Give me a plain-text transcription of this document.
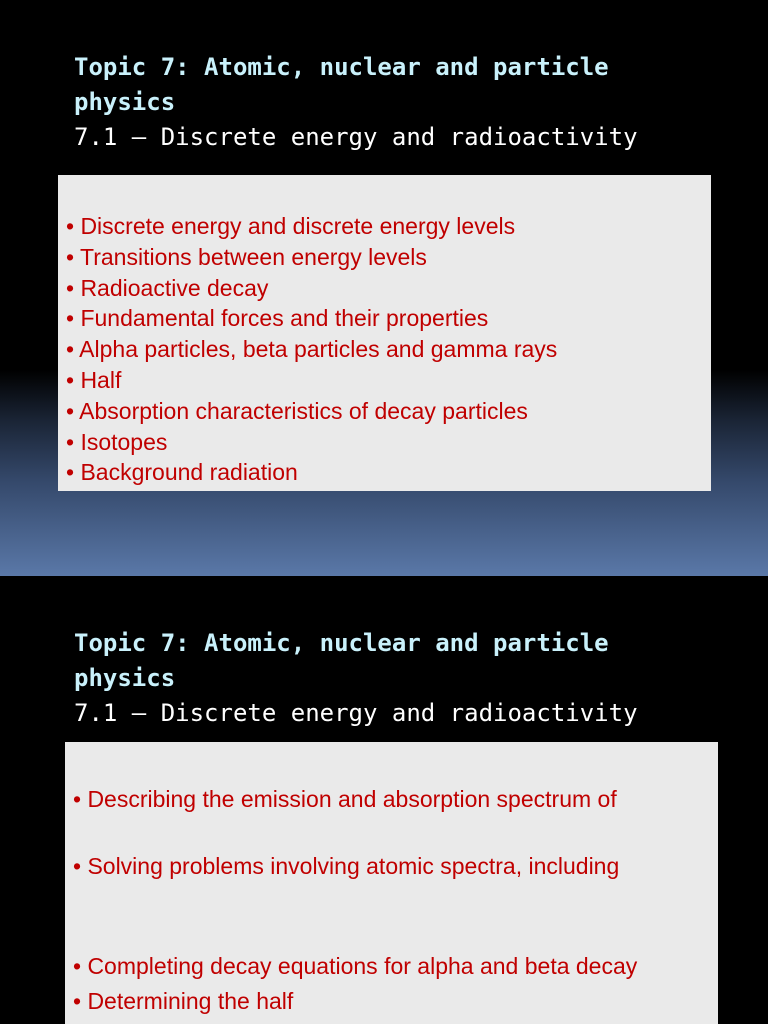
Topic 7: Atomic, nuclear and particle
physics
7.1 – Discrete energy and radioactivity
• Discrete energy and discrete energy levels
• Transitions between energy levels
• Radioactive decay
• Fundamental forces and their properties
• Alpha particles, beta particles and gamma rays
• Half
• Absorption characteristics of decay particles
• Isotopes
• Background radiation
Topic 7: Atomic, nuclear and particle
physics
7.1 – Discrete energy and radioactivity
• Describing the emission and absorption spectrum of
• Solving problems involving atomic spectra, including
• Completing decay equations for alpha and beta decay
• Determining the half
